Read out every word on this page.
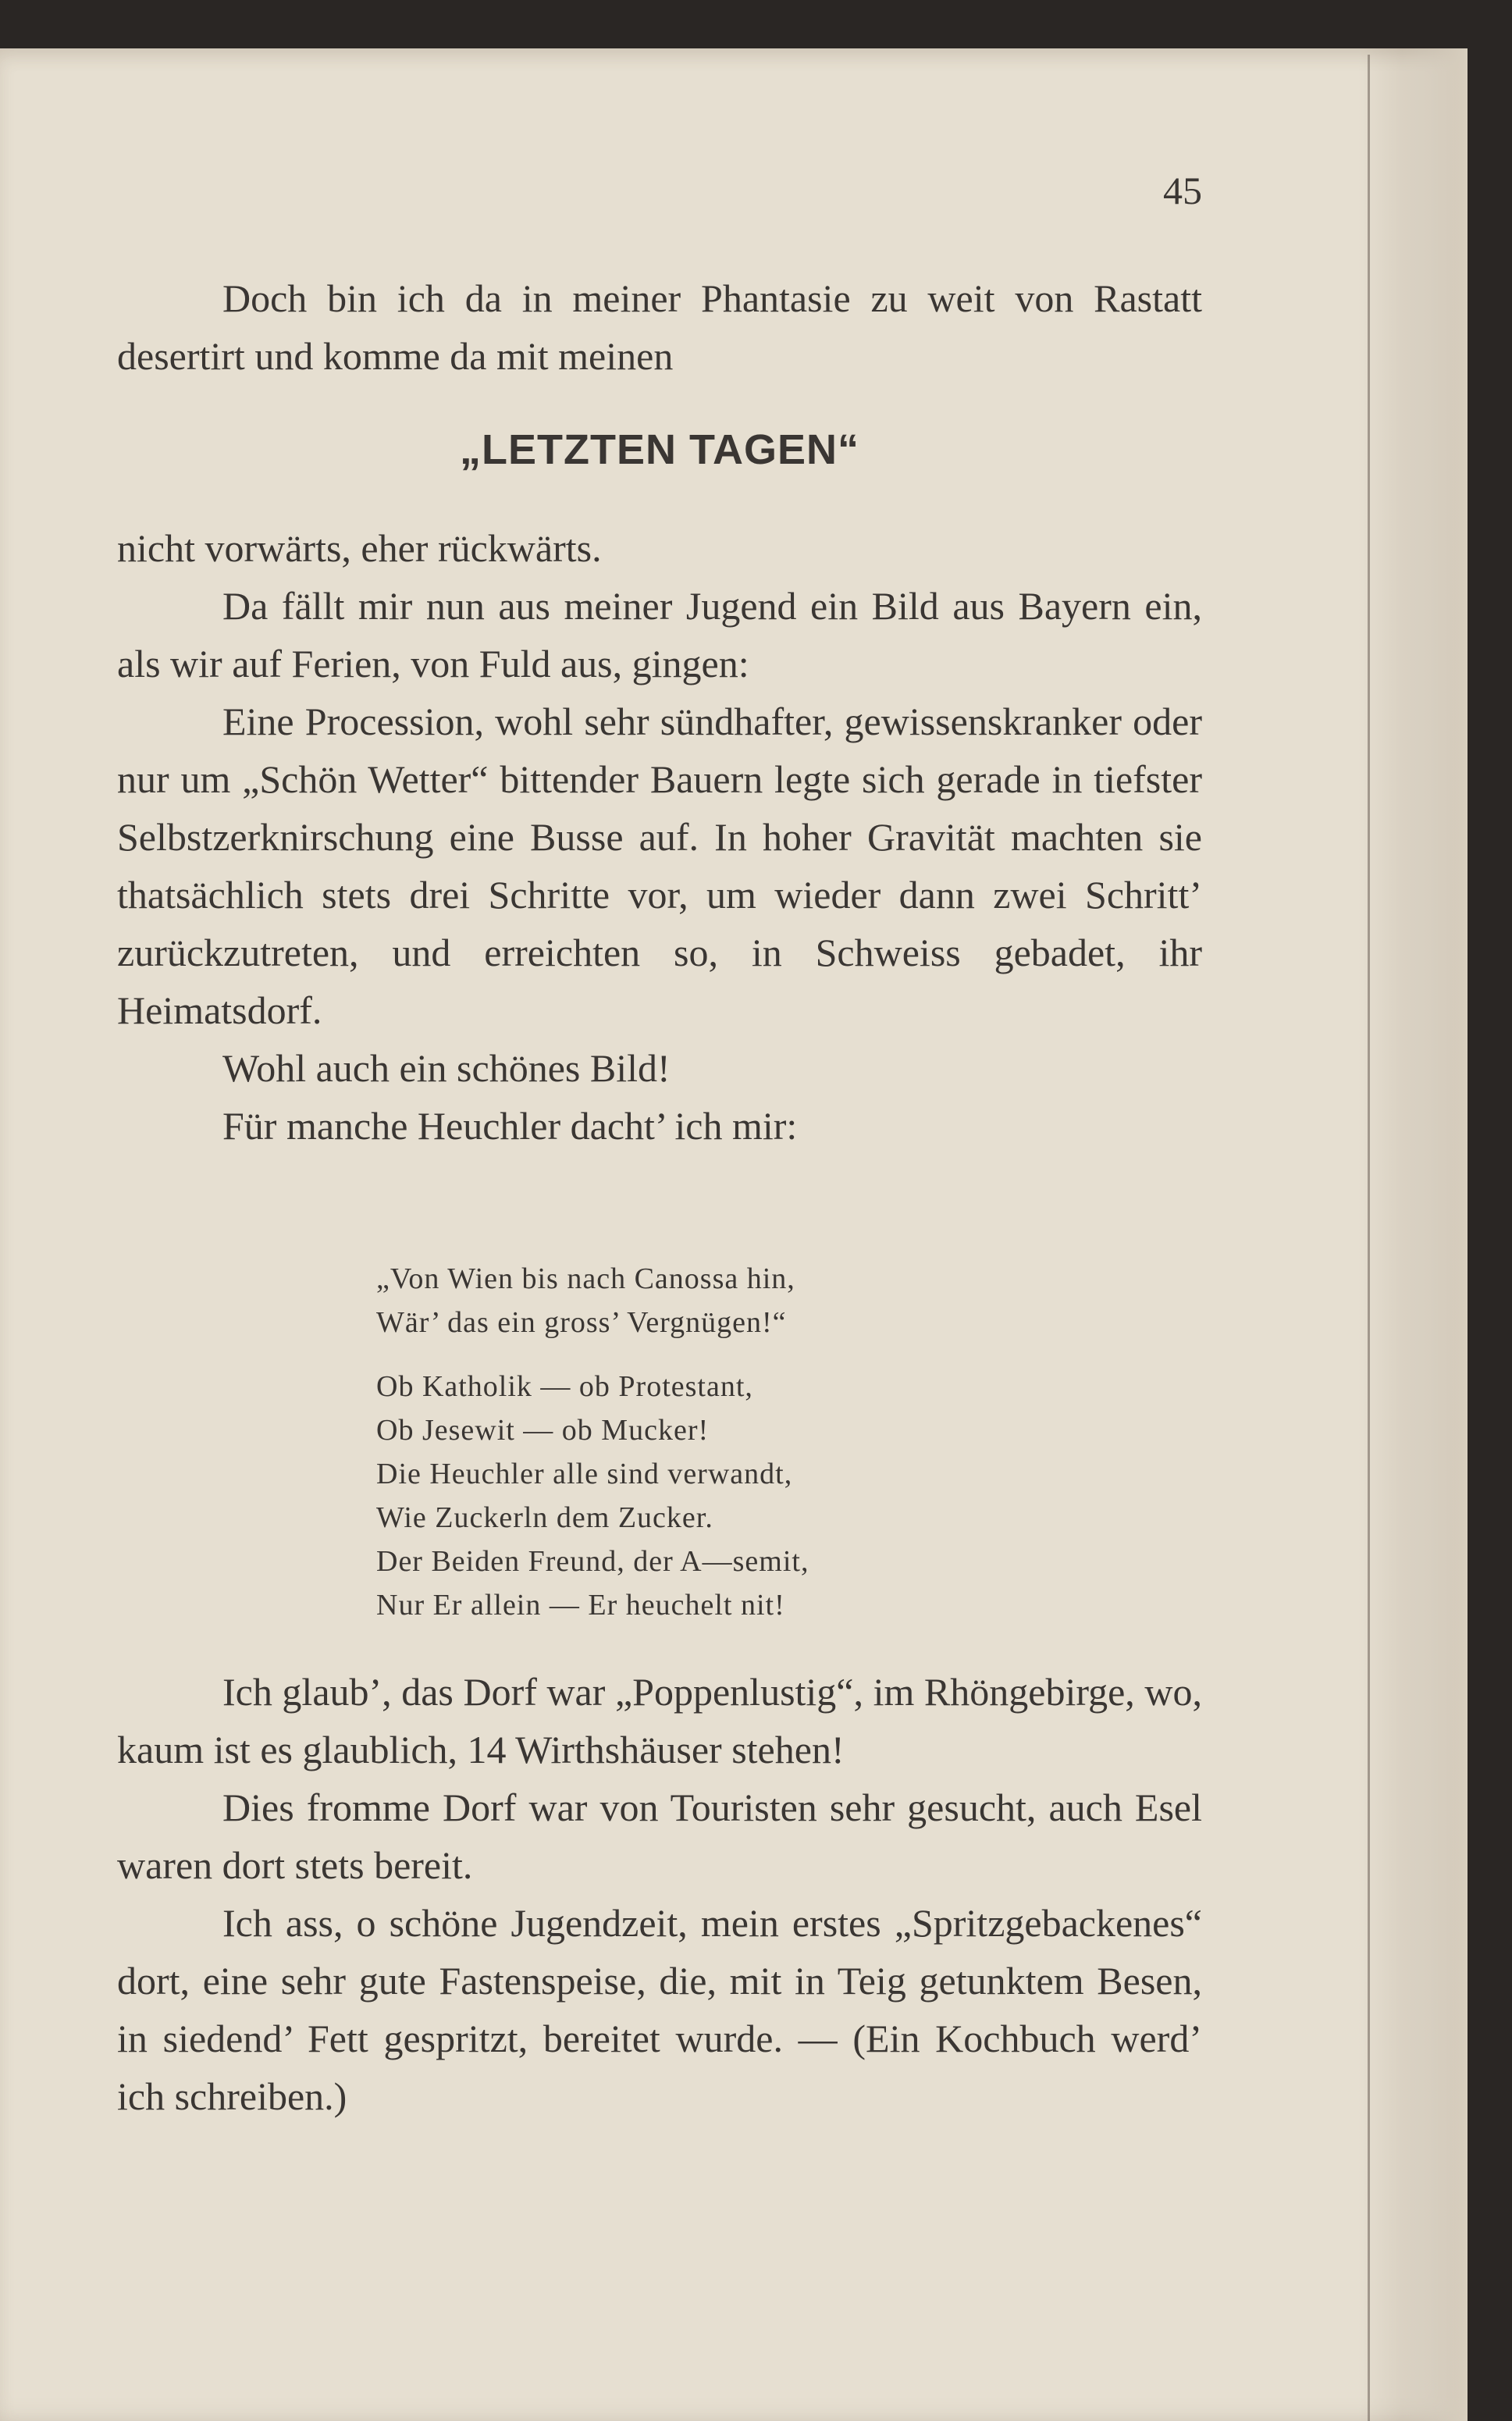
45

Doch bin ich da in meiner Phantasie zu weit von Rastatt desertirt und komme da mit meinen

„LETZTEN TAGEN“

nicht vorwärts, eher rückwärts.

Da fällt mir nun aus meiner Jugend ein Bild aus Bayern ein, als wir auf Ferien, von Fuld aus, gingen:

Eine Procession, wohl sehr sündhafter, gewissenskranker oder nur um „Schön Wetter“ bittender Bauern legte sich gerade in tiefster Selbstzerknirschung eine Busse auf. In hoher Gravität machten sie thatsächlich stets drei Schritte vor, um wieder dann zwei Schritt’ zurückzutreten, und erreichten so, in Schweiss gebadet, ihr Heimatsdorf.

Wohl auch ein schönes Bild!

Für manche Heuchler dacht’ ich mir:

„Von Wien bis nach Canossa hin,
Wär’ das ein gross’ Vergnügen!“
Ob Katholik — ob Protestant,
Ob Jesewit — ob Mucker!
Die Heuchler alle sind verwandt,
Wie Zuckerln dem Zucker.
Der Beiden Freund, der A—semit,
Nur Er allein — Er heuchelt nit!

Ich glaub’, das Dorf war „Poppenlustig“, im Rhöngebirge, wo, kaum ist es glaublich, 14 Wirthshäuser stehen!

Dies fromme Dorf war von Touristen sehr gesucht, auch Esel waren dort stets bereit.

Ich ass, o schöne Jugendzeit, mein erstes „Spritzgebackenes“ dort, eine sehr gute Fastenspeise, die, mit in Teig getunktem Besen, in siedend’ Fett gespritzt, bereitet wurde. — (Ein Kochbuch werd’ ich schreiben.)
